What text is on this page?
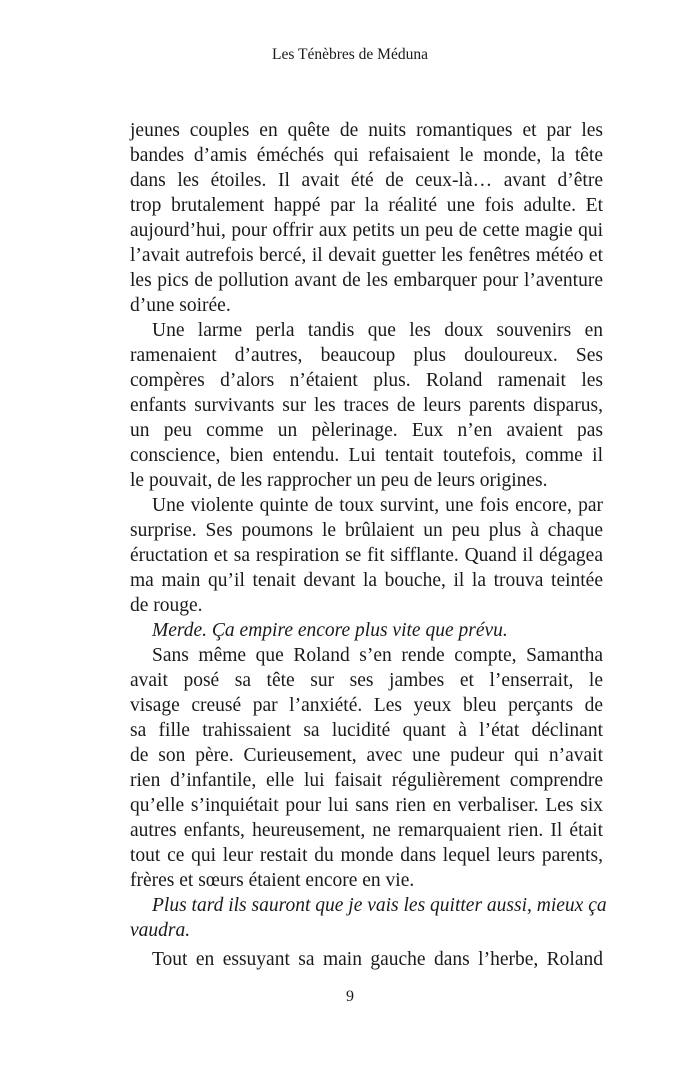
Les Ténèbres de Méduna
jeunes couples en quête de nuits romantiques et par les
bandes d’amis éméchés qui refaisaient le monde, la tête
dans les étoiles. Il avait été de ceux-là… avant d’être
trop brutalement happé par la réalité une fois adulte. Et
aujourd’hui, pour offrir aux petits un peu de cette magie qui
l’avait autrefois bercé, il devait guetter les fenêtres météo et
les pics de pollution avant de les embarquer pour l’aventure
d’une soirée.
Une larme perla tandis que les doux souvenirs en
ramenaient d’autres, beaucoup plus douloureux. Ses
compères d’alors n’étaient plus. Roland ramenait les
enfants survivants sur les traces de leurs parents disparus,
un peu comme un pèlerinage. Eux n’en avaient pas
conscience, bien entendu. Lui tentait toutefois, comme il
le pouvait, de les rapprocher un peu de leurs origines.
Une violente quinte de toux survint, une fois encore, par
surprise. Ses poumons le brûlaient un peu plus à chaque
éructation et sa respiration se fit sifflante. Quand il dégagea
ma main qu’il tenait devant la bouche, il la trouva teintée
de rouge.
Merde. Ça empire encore plus vite que prévu.
Sans même que Roland s’en rende compte, Samantha
avait posé sa tête sur ses jambes et l’enserrait, le
visage creusé par l’anxiété. Les yeux bleu perçants de
sa fille trahissaient sa lucidité quant à l’état déclinant
de son père. Curieusement, avec une pudeur qui n’avait
rien d’infantile, elle lui faisait régulièrement comprendre
qu’elle s’inquiétait pour lui sans rien en verbaliser. Les six
autres enfants, heureusement, ne remarquaient rien. Il était
tout ce qui leur restait du monde dans lequel leurs parents,
frères et sœurs étaient encore en vie.
Plus tard ils sauront que je vais les quitter aussi, mieux ça
vaudra.
Tout en essuyant sa main gauche dans l’herbe, Roland
9
